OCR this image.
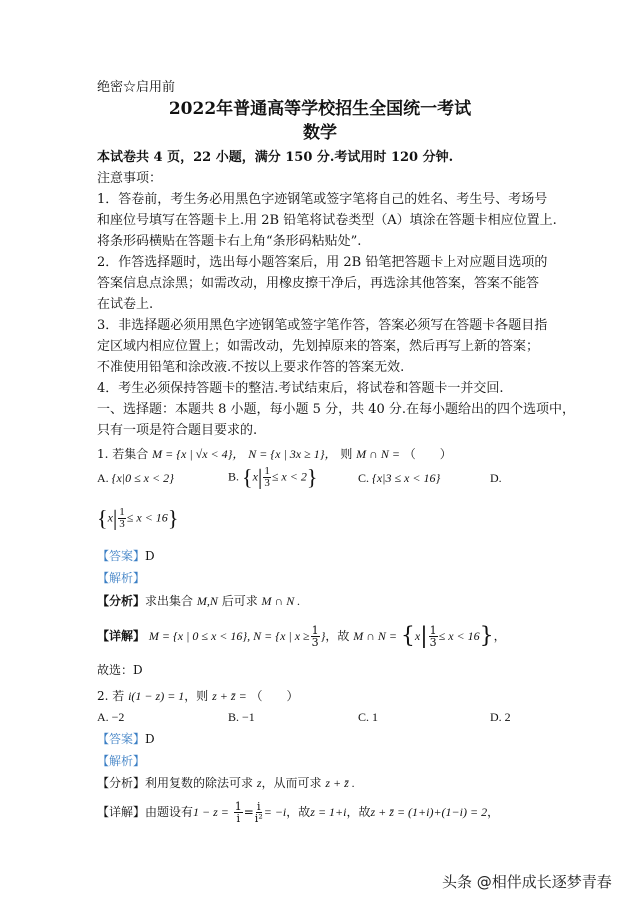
绝密☆启用前
2022年普通高等学校招生全国统一考试
数学
本试卷共 4 页，22 小题，满分 150 分.考试用时 120 分钟.
注意事项：
1．答卷前，考生务必用黑色字迹钢笔或签字笔将自己的姓名、考生号、考场号
和座位号填写在答题卡上.用 2B 铅笔将试卷类型（A）填涂在答题卡相应位置上.
将条形码横贴在答题卡右上角“条形码粘贴处”.
2．作答选择题时，选出每小题答案后，用 2B 铅笔把答题卡上对应题目选项的
答案信息点涂黑；如需改动，用橡皮擦干净后，再选涂其他答案，答案不能答
在试卷上.
3．非选择题必须用黑色字迹钢笔或签字笔作答，答案必须写在答题卡各题目指
定区域内相应位置上；如需改动，先划掉原来的答案，然后再写上新的答案；
不准使用铅笔和涂改液.不按以上要求作答的答案无效.
4．考生必须保持答题卡的整洁.考试结束后，将试卷和答题卡一并交回.
一、选择题：本题共 8 小题，每小题 5 分，共 40 分.在每小题给出的四个选项中，
只有一项是符合题目要求的.
1. 若集合 M = {x | √x < 4}， N = {x | 3x ≥ 1}， 则 M ∩ N = （　　）
A. {x|0 ≤ x < 2}	B. $\{x| \frac{1}{3} \le x < 2\}$	C. {x|3 ≤ x < 16}	D.
$\{x| \frac{1}{3} \le x < 16\}$
【答案】D
【解析】
【分析】求出集合 M,N 后可求 M ∩ N .
【详解】 M = {x | 0 ≤ x < 16}, N = {x | $x \ge \frac{1}{3}$ }，故 M ∩ $N = \{x| \frac{1}{3} \le x < 16\}$，
故选：D
2. 若 i(1 − z) = 1，则 z + z̄ = （　　）
A. −2	B. −1	C. 1	D. 2
【答案】D
【解析】
【分析】利用复数的除法可求 z，从而可求 z + z̄ .
【详解】由题设有$1 - z = \frac{1}{i} = \frac{i}{\text{i²}} = -i$，故z = 1+i，故z + z̄ = (1+i)+(1−i) = 2，
头条 @相伴成长逐梦青春
